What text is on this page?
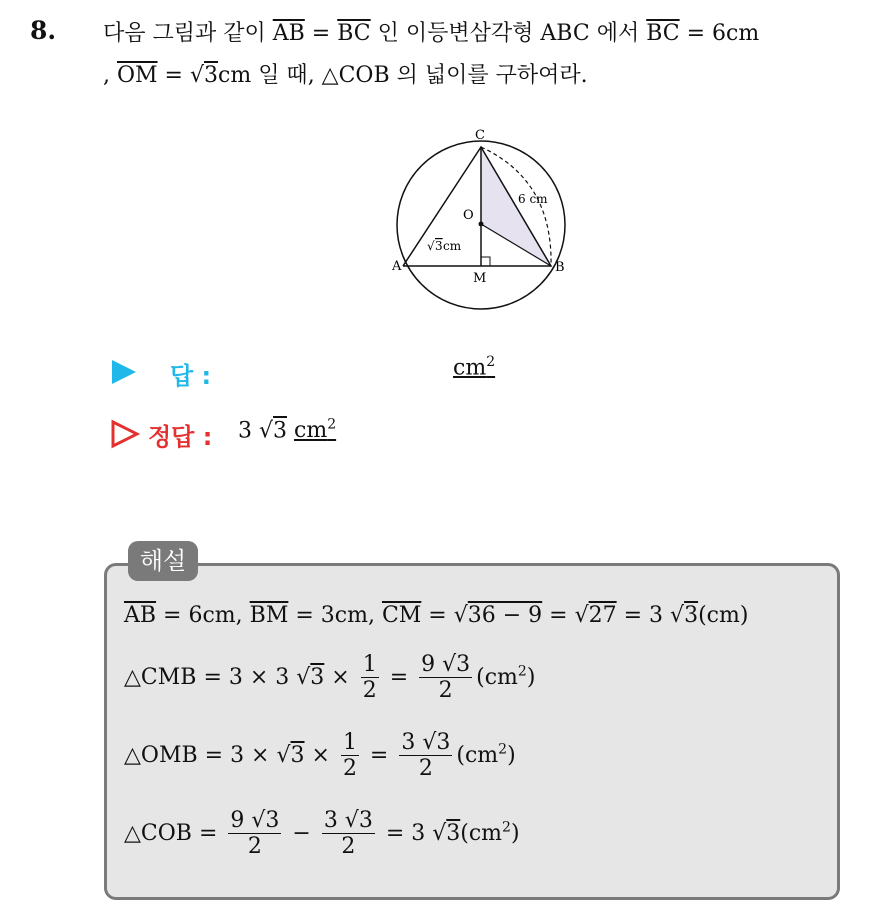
8. 다음 그림과 같이 $\overline{AB} = \overline{BC}$ 인 이등변삼각형 ABC 에서 $\overline{BC} = 6cm$
, $\overline{OM} = √3cm$ 일 때, △COB 의 넓이를 구하여라.
C
O
A
M
B
6 cm
√ 3 cm
답 :	$cm^2$
정답 : 3 √3 $cm^2$
해설
$\overline{AB} = 6cm$, $\overline{BM} = 3cm$, $\overline{CM} = √36 - 9 = √27 = 3$ √3(cm)
△CMB = 3 × 3 $√3 \times \frac{1}{2} = \frac{9 √3}{2} (cm^2)$
△OMB = $3 \times √3 \times \frac{1}{2} = \frac{3 √3}{2} (cm^2)$
△COB = $\frac{9 √3}{2} - \frac{3 √3}{2} = 3$ $√3(cm^2)$
